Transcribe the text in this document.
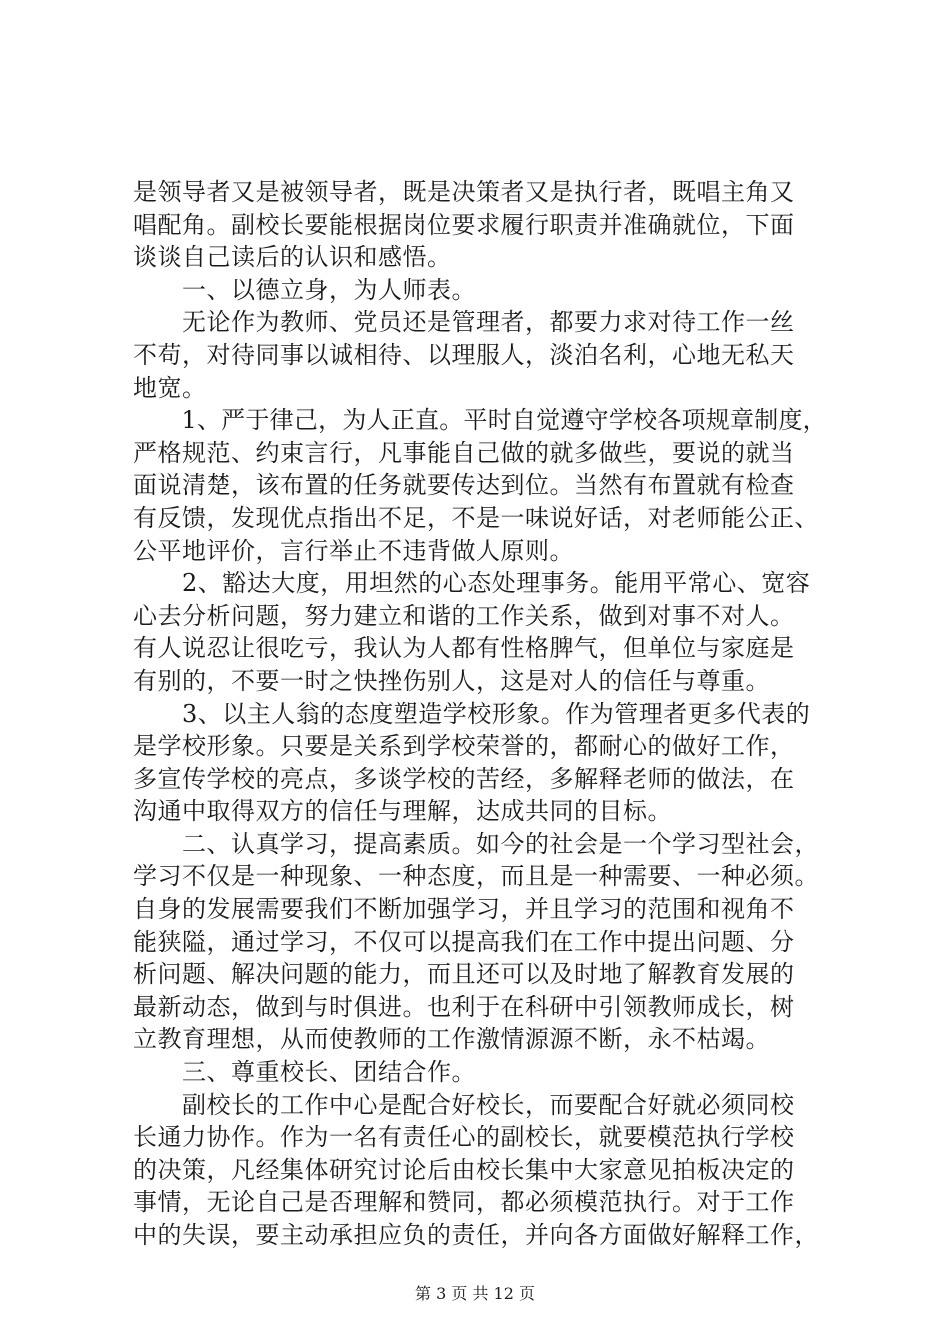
是领导者又是被领导者，既是决策者又是执行者，既唱主角又
唱配角。副校长要能根据岗位要求履行职责并准确就位，下面
谈谈自己读后的认识和感悟。
　　一、以德立身，为人师表。
　　无论作为教师、党员还是管理者，都要力求对待工作一丝
不苟，对待同事以诚相待、以理服人，淡泊名利，心地无私天
地宽。
　　1、严于律己，为人正直。平时自觉遵守学校各项规章制度，
严格规范、约束言行，凡事能自己做的就多做些，要说的就当
面说清楚，该布置的任务就要传达到位。当然有布置就有检查
有反馈，发现优点指出不足，不是一味说好话，对老师能公正、
公平地评价，言行举止不违背做人原则。
　　2、豁达大度，用坦然的心态处理事务。能用平常心、宽容
心去分析问题，努力建立和谐的工作关系，做到对事不对人。
有人说忍让很吃亏，我认为人都有性格脾气，但单位与家庭是
有别的，不要一时之快挫伤别人，这是对人的信任与尊重。
　　3、以主人翁的态度塑造学校形象。作为管理者更多代表的
是学校形象。只要是关系到学校荣誉的，都耐心的做好工作，
多宣传学校的亮点，多谈学校的苦经，多解释老师的做法，在
沟通中取得双方的信任与理解，达成共同的目标。
　　二、认真学习，提高素质。如今的社会是一个学习型社会，
学习不仅是一种现象、一种态度，而且是一种需要、一种必须。
自身的发展需要我们不断加强学习，并且学习的范围和视角不
能狭隘，通过学习，不仅可以提高我们在工作中提出问题、分
析问题、解决问题的能力，而且还可以及时地了解教育发展的
最新动态，做到与时俱进。也利于在科研中引领教师成长，树
立教育理想，从而使教师的工作激情源源不断，永不枯竭。
　　三、尊重校长、团结合作。
　　副校长的工作中心是配合好校长，而要配合好就必须同校
长通力协作。作为一名有责任心的副校长，就要模范执行学校
的决策，凡经集体研究讨论后由校长集中大家意见拍板决定的
事情，无论自己是否理解和赞同，都必须模范执行。对于工作
中的失误，要主动承担应负的责任，并向各方面做好解释工作，
第 3 页 共 12 页
